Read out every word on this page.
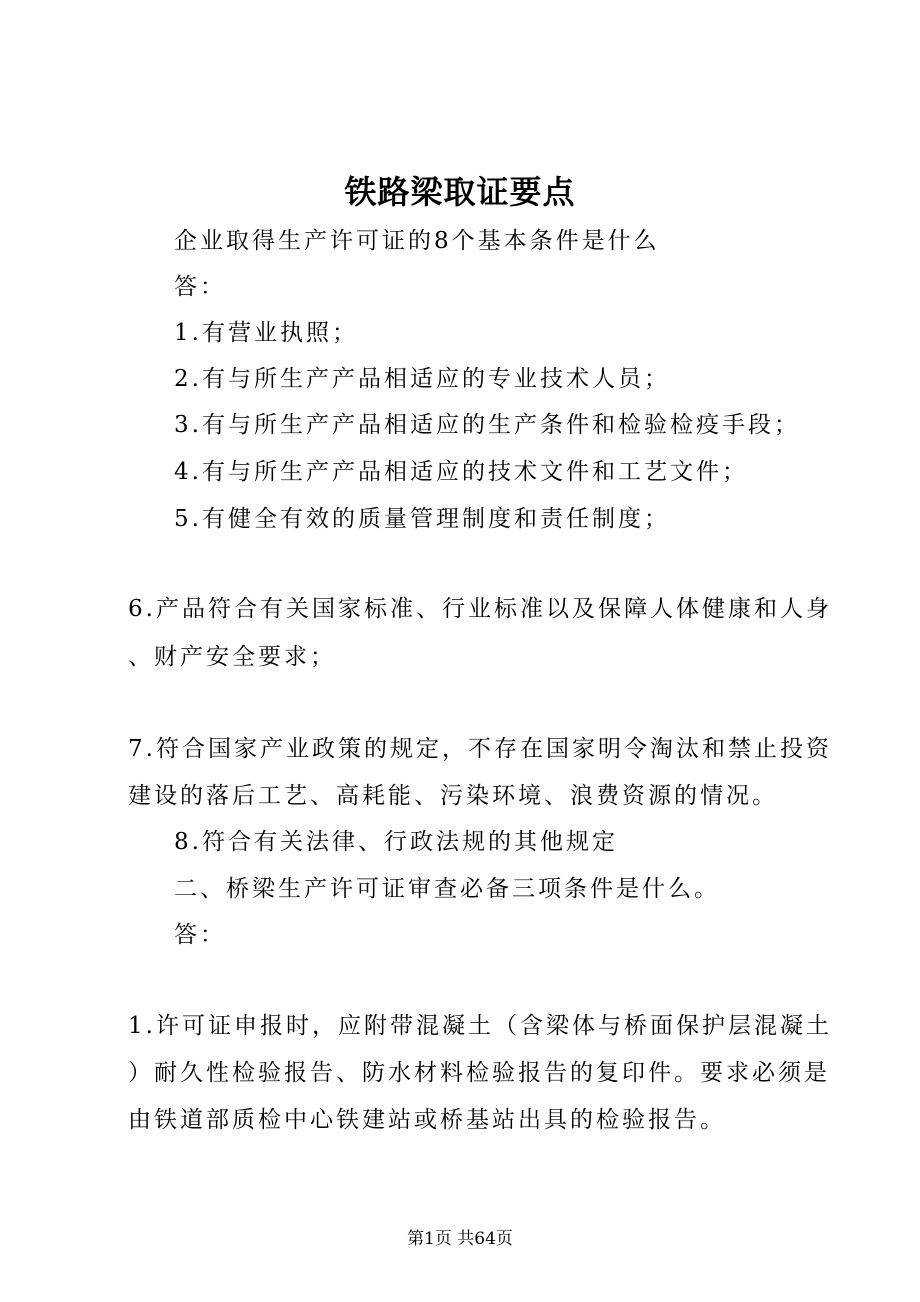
铁路梁取证要点
企业取得生产许可证的8个基本条件是什么
答：
1.有营业执照；
2.有与所生产产品相适应的专业技术人员；
3.有与所生产产品相适应的生产条件和检验检疫手段；
4.有与所生产产品相适应的技术文件和工艺文件；
5.有健全有效的质量管理制度和责任制度；
6.产品符合有关国家标准、行业标准以及保障人体健康和人身
、财产安全要求；
7.符合国家产业政策的规定，不存在国家明令淘汰和禁止投资
建设的落后工艺、高耗能、污染环境、浪费资源的情况。
8.符合有关法律、行政法规的其他规定
二、桥梁生产许可证审查必备三项条件是什么。
答：
1.许可证申报时，应附带混凝土（含梁体与桥面保护层混凝土
）耐久性检验报告、防水材料检验报告的复印件。要求必须是
由铁道部质检中心铁建站或桥基站出具的检验报告。
第1页 共64页
